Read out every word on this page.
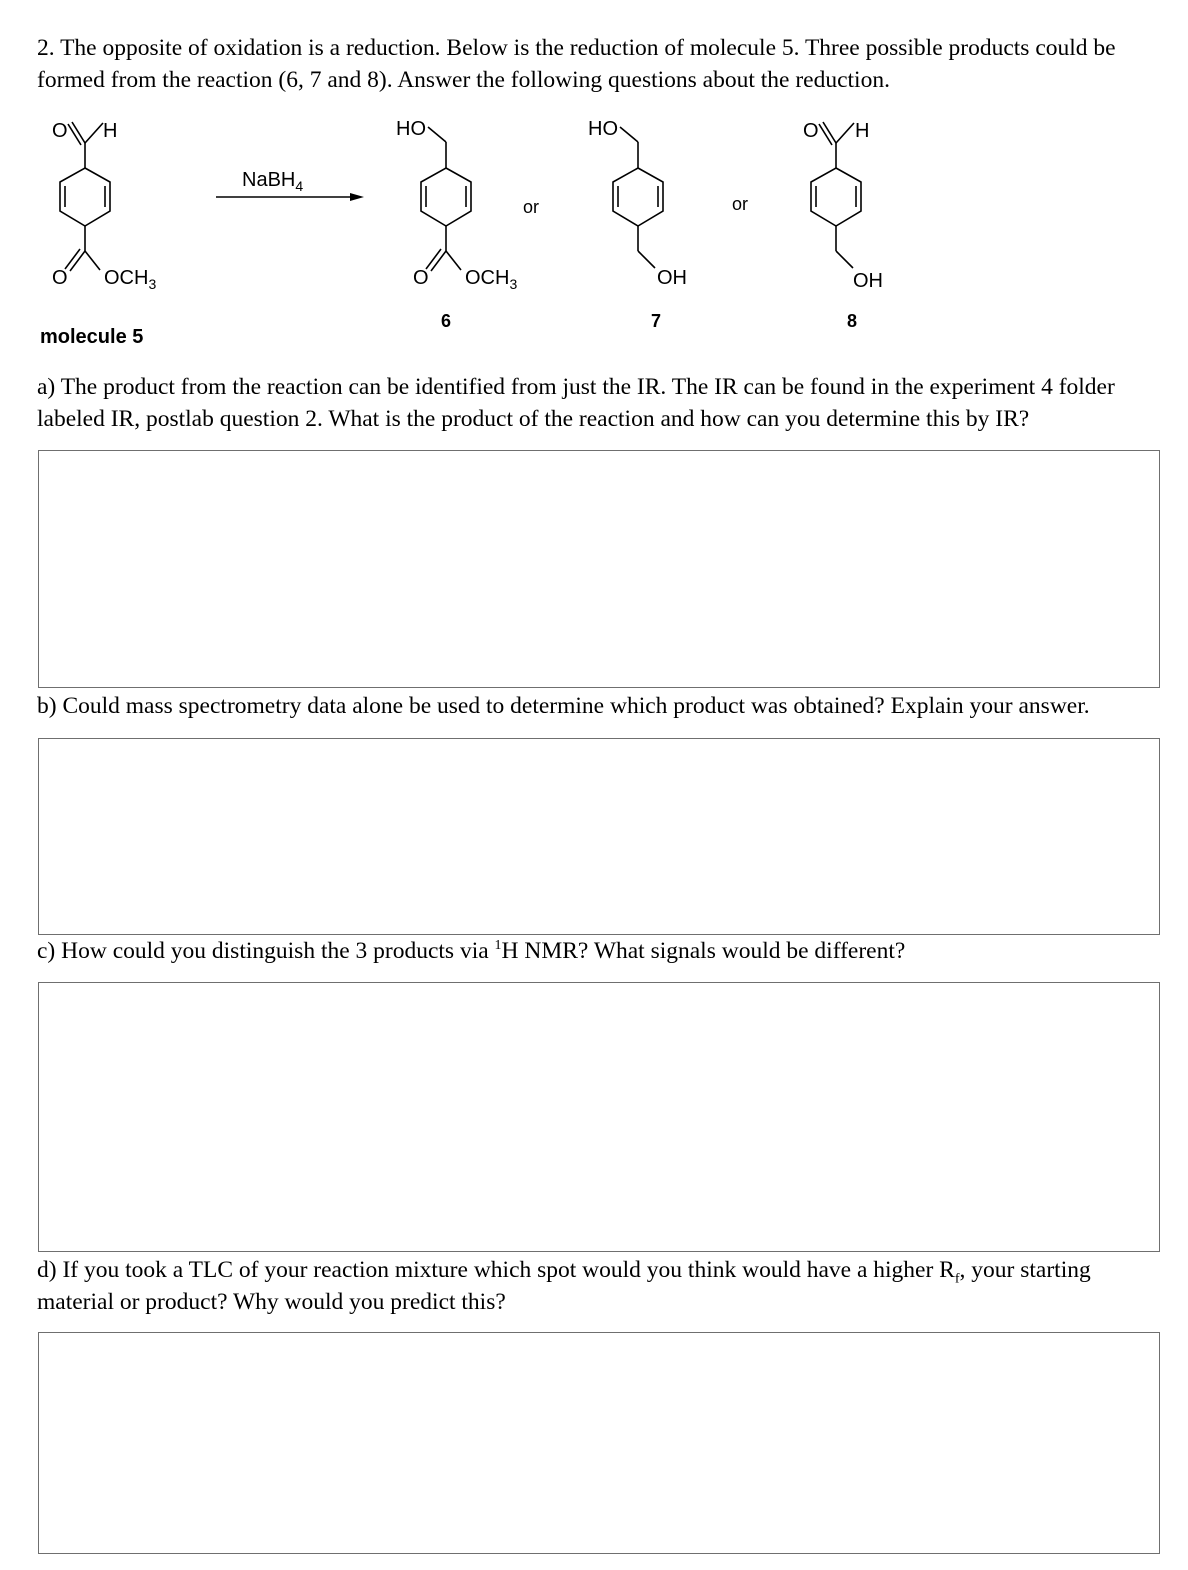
2. The opposite of oxidation is a reduction. Below is the reduction of molecule 5. Three possible products could be formed from the reaction (6, 7 and 8). Answer the following questions about the reduction.
O H
O $OCH_3$
NaBH$_4$
HO
O $OCH_3$
6
or
HO
OH
7
or
O H
OH
8
molecule 5
a) The product from the reaction can be identified from just the IR. The IR can be found in the experiment 4 folder labeled IR, postlab question 2. What is the product of the reaction and how can you determine this by IR?
b) Could mass spectrometry data alone be used to determine which product was obtained? Explain your answer.
c) How could you distinguish the 3 products via $^1$H NMR? What signals would be different?
d) If you took a TLC of your reaction mixture which spot would you think would have a higher $R_f$, your starting material or product? Why would you predict this?
